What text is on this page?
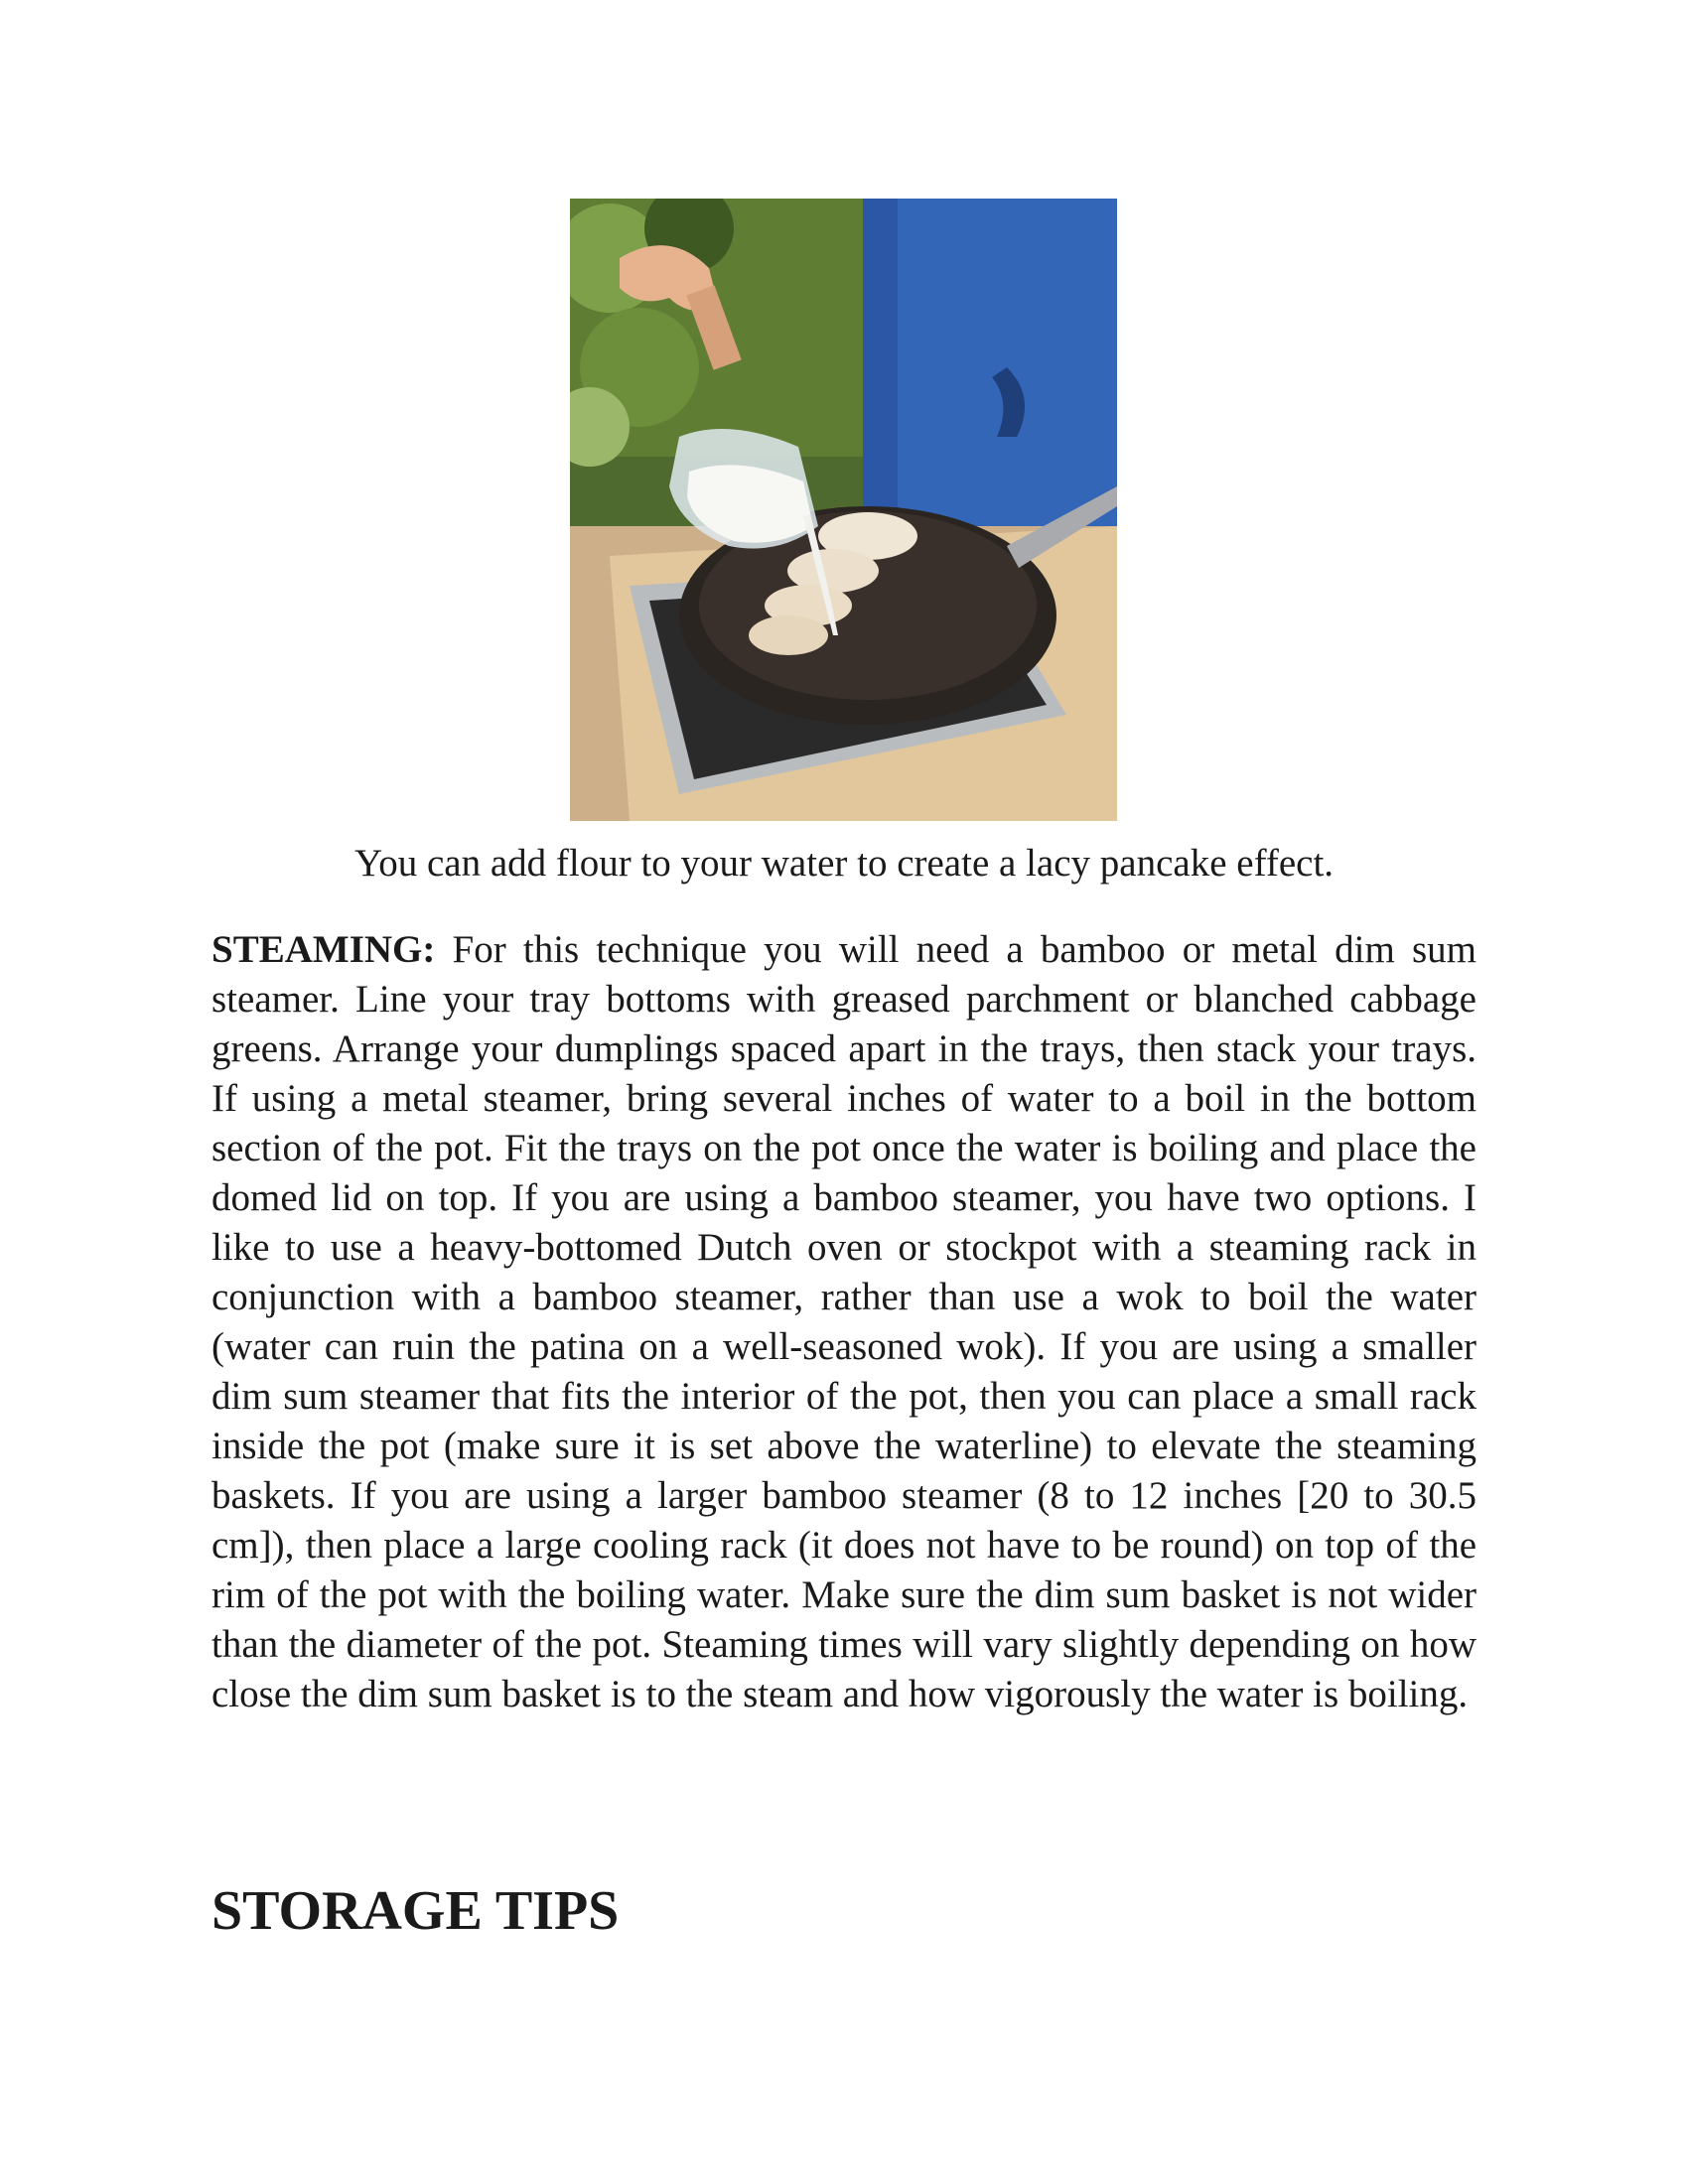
You can add flour to your water to create a lacy pancake effect.

STEAMING: For this technique you will need a bamboo or metal dim sum steamer. Line your tray bottoms with greased parchment or blanched cabbage greens. Arrange your dumplings spaced apart in the trays, then stack your trays. If using a metal steamer, bring several inches of water to a boil in the bottom section of the pot. Fit the trays on the pot once the water is boiling and place the domed lid on top. If you are using a bamboo steamer, you have two options. I like to use a heavy-bottomed Dutch oven or stockpot with a steaming rack in conjunction with a bamboo steamer, rather than use a wok to boil the water (water can ruin the patina on a well-seasoned wok). If you are using a smaller dim sum steamer that fits the interior of the pot, then you can place a small rack inside the pot (make sure it is set above the waterline) to elevate the steaming baskets. If you are using a larger bamboo steamer (8 to 12 inches [20 to 30.5 cm]), then place a large cooling rack (it does not have to be round) on top of the rim of the pot with the boiling water. Make sure the dim sum basket is not wider than the diameter of the pot. Steaming times will vary slightly depending on how close the dim sum basket is to the steam and how vigorously the water is boiling.

STORAGE TIPS
